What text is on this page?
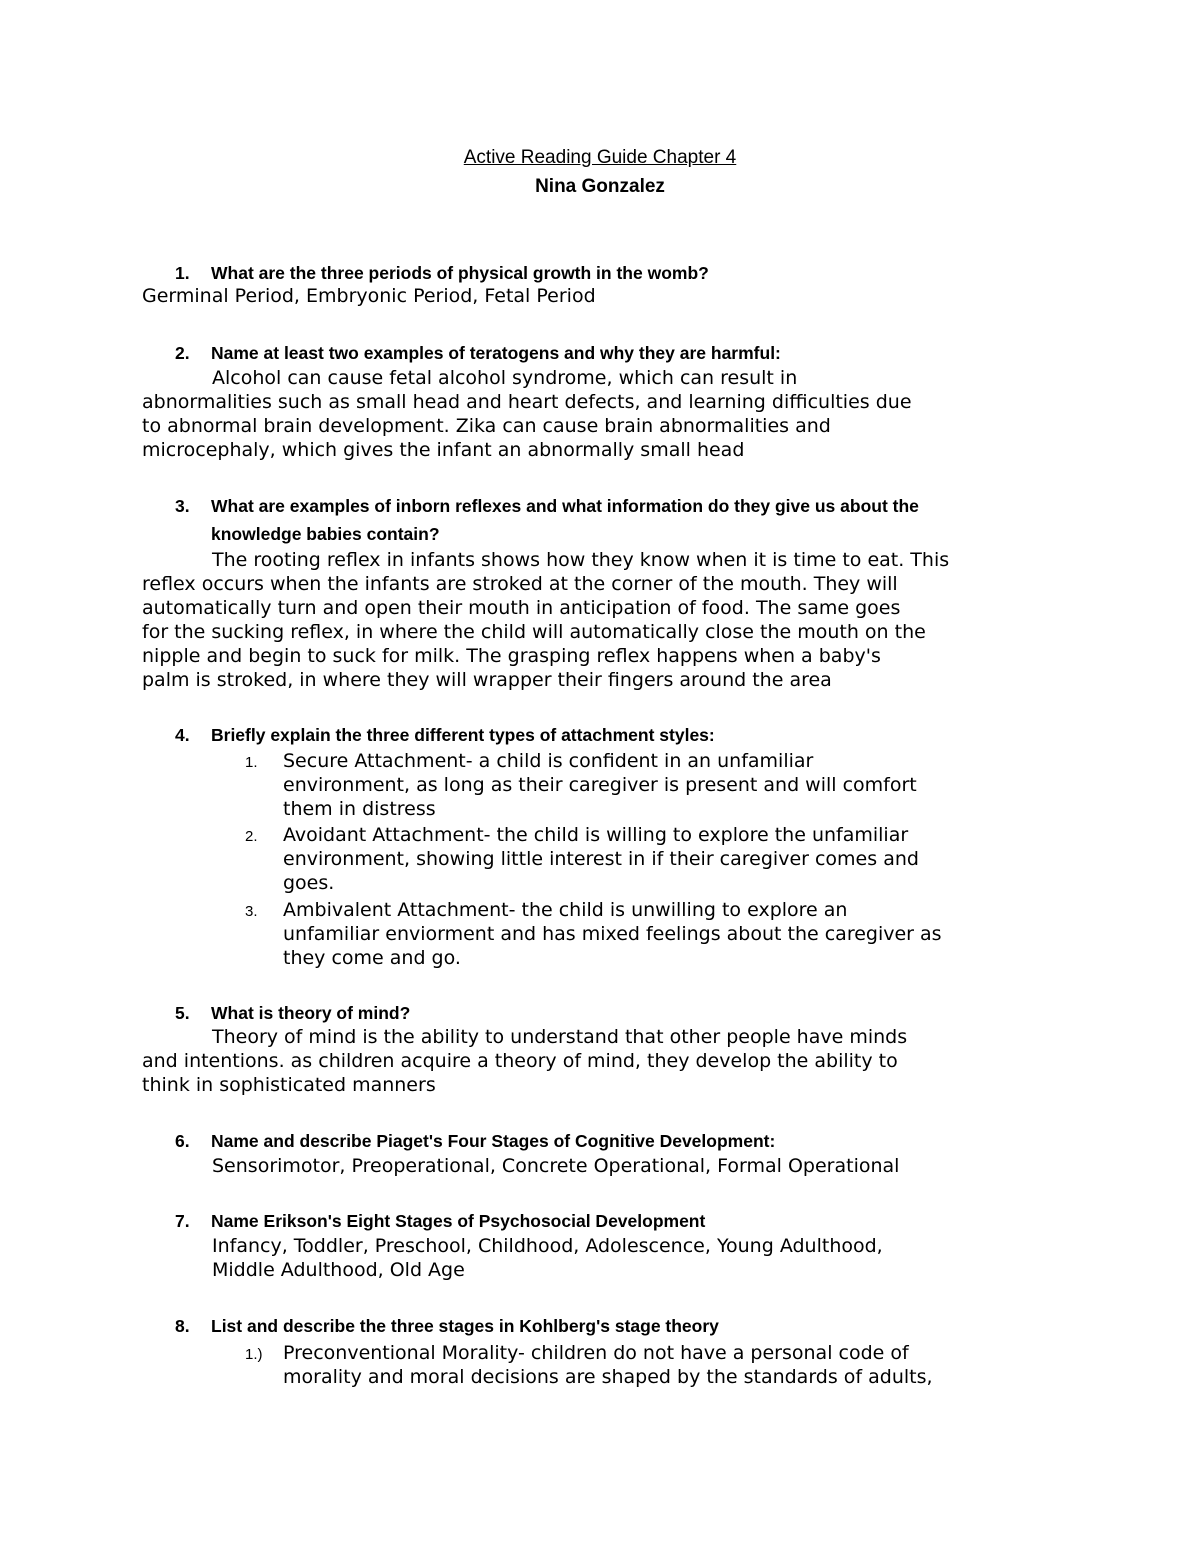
Active Reading Guide Chapter 4
Nina Gonzalez
1. What are the three periods of physical growth in the womb?
Germinal Period, Embryonic Period, Fetal Period
2. Name at least two examples of teratogens and why they are harmful:
Alcohol can cause fetal alcohol syndrome, which can result in
abnormalities such as small head and heart defects, and learning difficulties due
to abnormal brain development. Zika can cause brain abnormalities and
microcephaly, which gives the infant an abnormally small head
3. What are examples of inborn reflexes and what information do they give us about the
knowledge babies contain?
The rooting reflex in infants shows how they know when it is time to eat. This
reflex occurs when the infants are stroked at the corner of the mouth. They will
automatically turn and open their mouth in anticipation of food. The same goes
for the sucking reflex, in where the child will automatically close the mouth on the
nipple and begin to suck for milk. The grasping reflex happens when a baby's
palm is stroked, in where they will wrapper their fingers around the area
4. Briefly explain the three different types of attachment styles:
1. Secure Attachment- a child is confident in an unfamiliar
environment, as long as their caregiver is present and will comfort
them in distress
2. Avoidant Attachment- the child is willing to explore the unfamiliar
environment, showing little interest in if their caregiver comes and
goes.
3. Ambivalent Attachment- the child is unwilling to explore an
unfamiliar enviorment and has mixed feelings about the caregiver as
they come and go.
5. What is theory of mind?
Theory of mind is the ability to understand that other people have minds
and intentions. as children acquire a theory of mind, they develop the ability to
think in sophisticated manners
6. Name and describe Piaget's Four Stages of Cognitive Development:
Sensorimotor, Preoperational, Concrete Operational, Formal Operational
7. Name Erikson's Eight Stages of Psychosocial Development
Infancy, Toddler, Preschool, Childhood, Adolescence, Young Adulthood,
Middle Adulthood, Old Age
8. List and describe the three stages in Kohlberg's stage theory
1.) Preconventional Morality- children do not have a personal code of
morality and moral decisions are shaped by the standards of adults,
